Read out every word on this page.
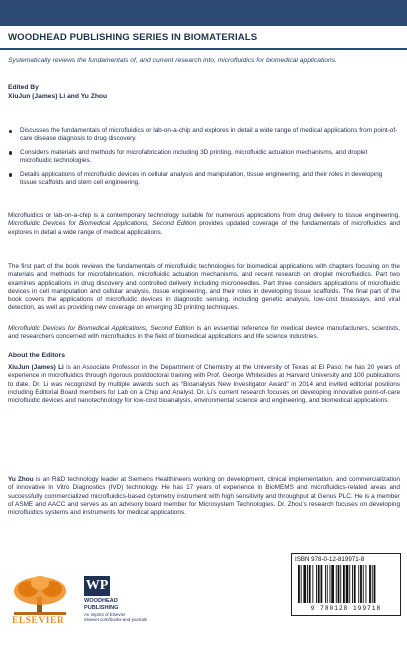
WOODHEAD PUBLISHING SERIES IN BIOMATERIALS
Systematically reviews the fundamentals of, and current research into, microfluidics for biomedical applications.
Edited By
XiuJun (James) Li and Yu Zhou
Discusses the fundamentals of microfluidics or lab-on-a-chip and explores in detail a wide range of medical applications from point-of-care disease diagnosis to drug discovery.
Considers materials and methods for microfabrication including 3D printing, microfluidic actuation mechanisms, and droplet microfluidic technologies.
Details applications of microfluidic devices in cellular analysis and manipulation, tissue engineering, and their roles in developing tissue scaffolds and stem cell engineering.
Microfluidics or lab-on-a-chip is a contemporary technology suitable for numerous applications from drug delivery to tissue engineering. Microfluidic Devices for Biomedical Applications, Second Edition provides updated coverage of the fundamentals of microfluidics and explores in detail a wide range of medical applications.
The first part of the book reviews the fundamentals of microfluidic technologies for biomedical applications with chapters focusing on the materials and methods for microfabrication, microfluidic actuation mechanisms, and recent research on droplet microfluidics. Part two examines applications in drug discovery and controlled delivery including microneedles. Part three considers applications of microfluidic devices in cell manipulation and cellular analysis, tissue engineering, and their roles in developing tissue scaffolds. The final part of the book covers the applications of microfluidic devices in diagnostic sensing, including genetic analysis, low-cost bioassays, and viral detection, as well as providing new coverage on emerging 3D printing techniques.
Microfluidic Devices for Biomedical Applications, Second Edition is an essential reference for medical device manufacturers, scientists, and researchers concerned with microfluidics in the field of biomedical applications and life science industries.
About the Editors
XiuJun (James) Li is an Associate Professor in the Department of Chemistry at the University of Texas at El Paso; he has 20 years of experience in microfluidics through rigorous postdoctoral training with Prof. George Whitesides at Harvard University and 100 publications to date. Dr. Li was recognized by multiple awards such as “Bioanalysis New Investigator Award” in 2014 and invited editorial positions including Editorial Board members for Lab on a Chip and Analyst. Dr. Li’s current research focuses on developing innovative point-of-care microfluidic devices and nanotechnology for low-cost bioanalysis, environmental science and engineering, and biomedical applications.
Yu Zhou is an R&D technology leader at Siemens Healthineers working on development, clinical implementation, and commercialization of innovative In Vitro Diagnostics (IVD) technology. He has 17 years of experience in BioMEMS and microfluidics-related areas and successfully commercialized microfluidics-based cytometry instrument with high sensitivity and throughput at Genus PLC. He is a member of ASME and AACC and serves as an advisory board member for Microsystem Technologies. Dr. Zhou’s research focuses on developing microfluidics systems and instruments for medical applications.
ELSEVIER
WP
WOODHEAD
PUBLISHING
An imprint of Elsevier
elsevier.com/books-and-journals
ISBN 978-0-12-819971-8
9 780128 199718
